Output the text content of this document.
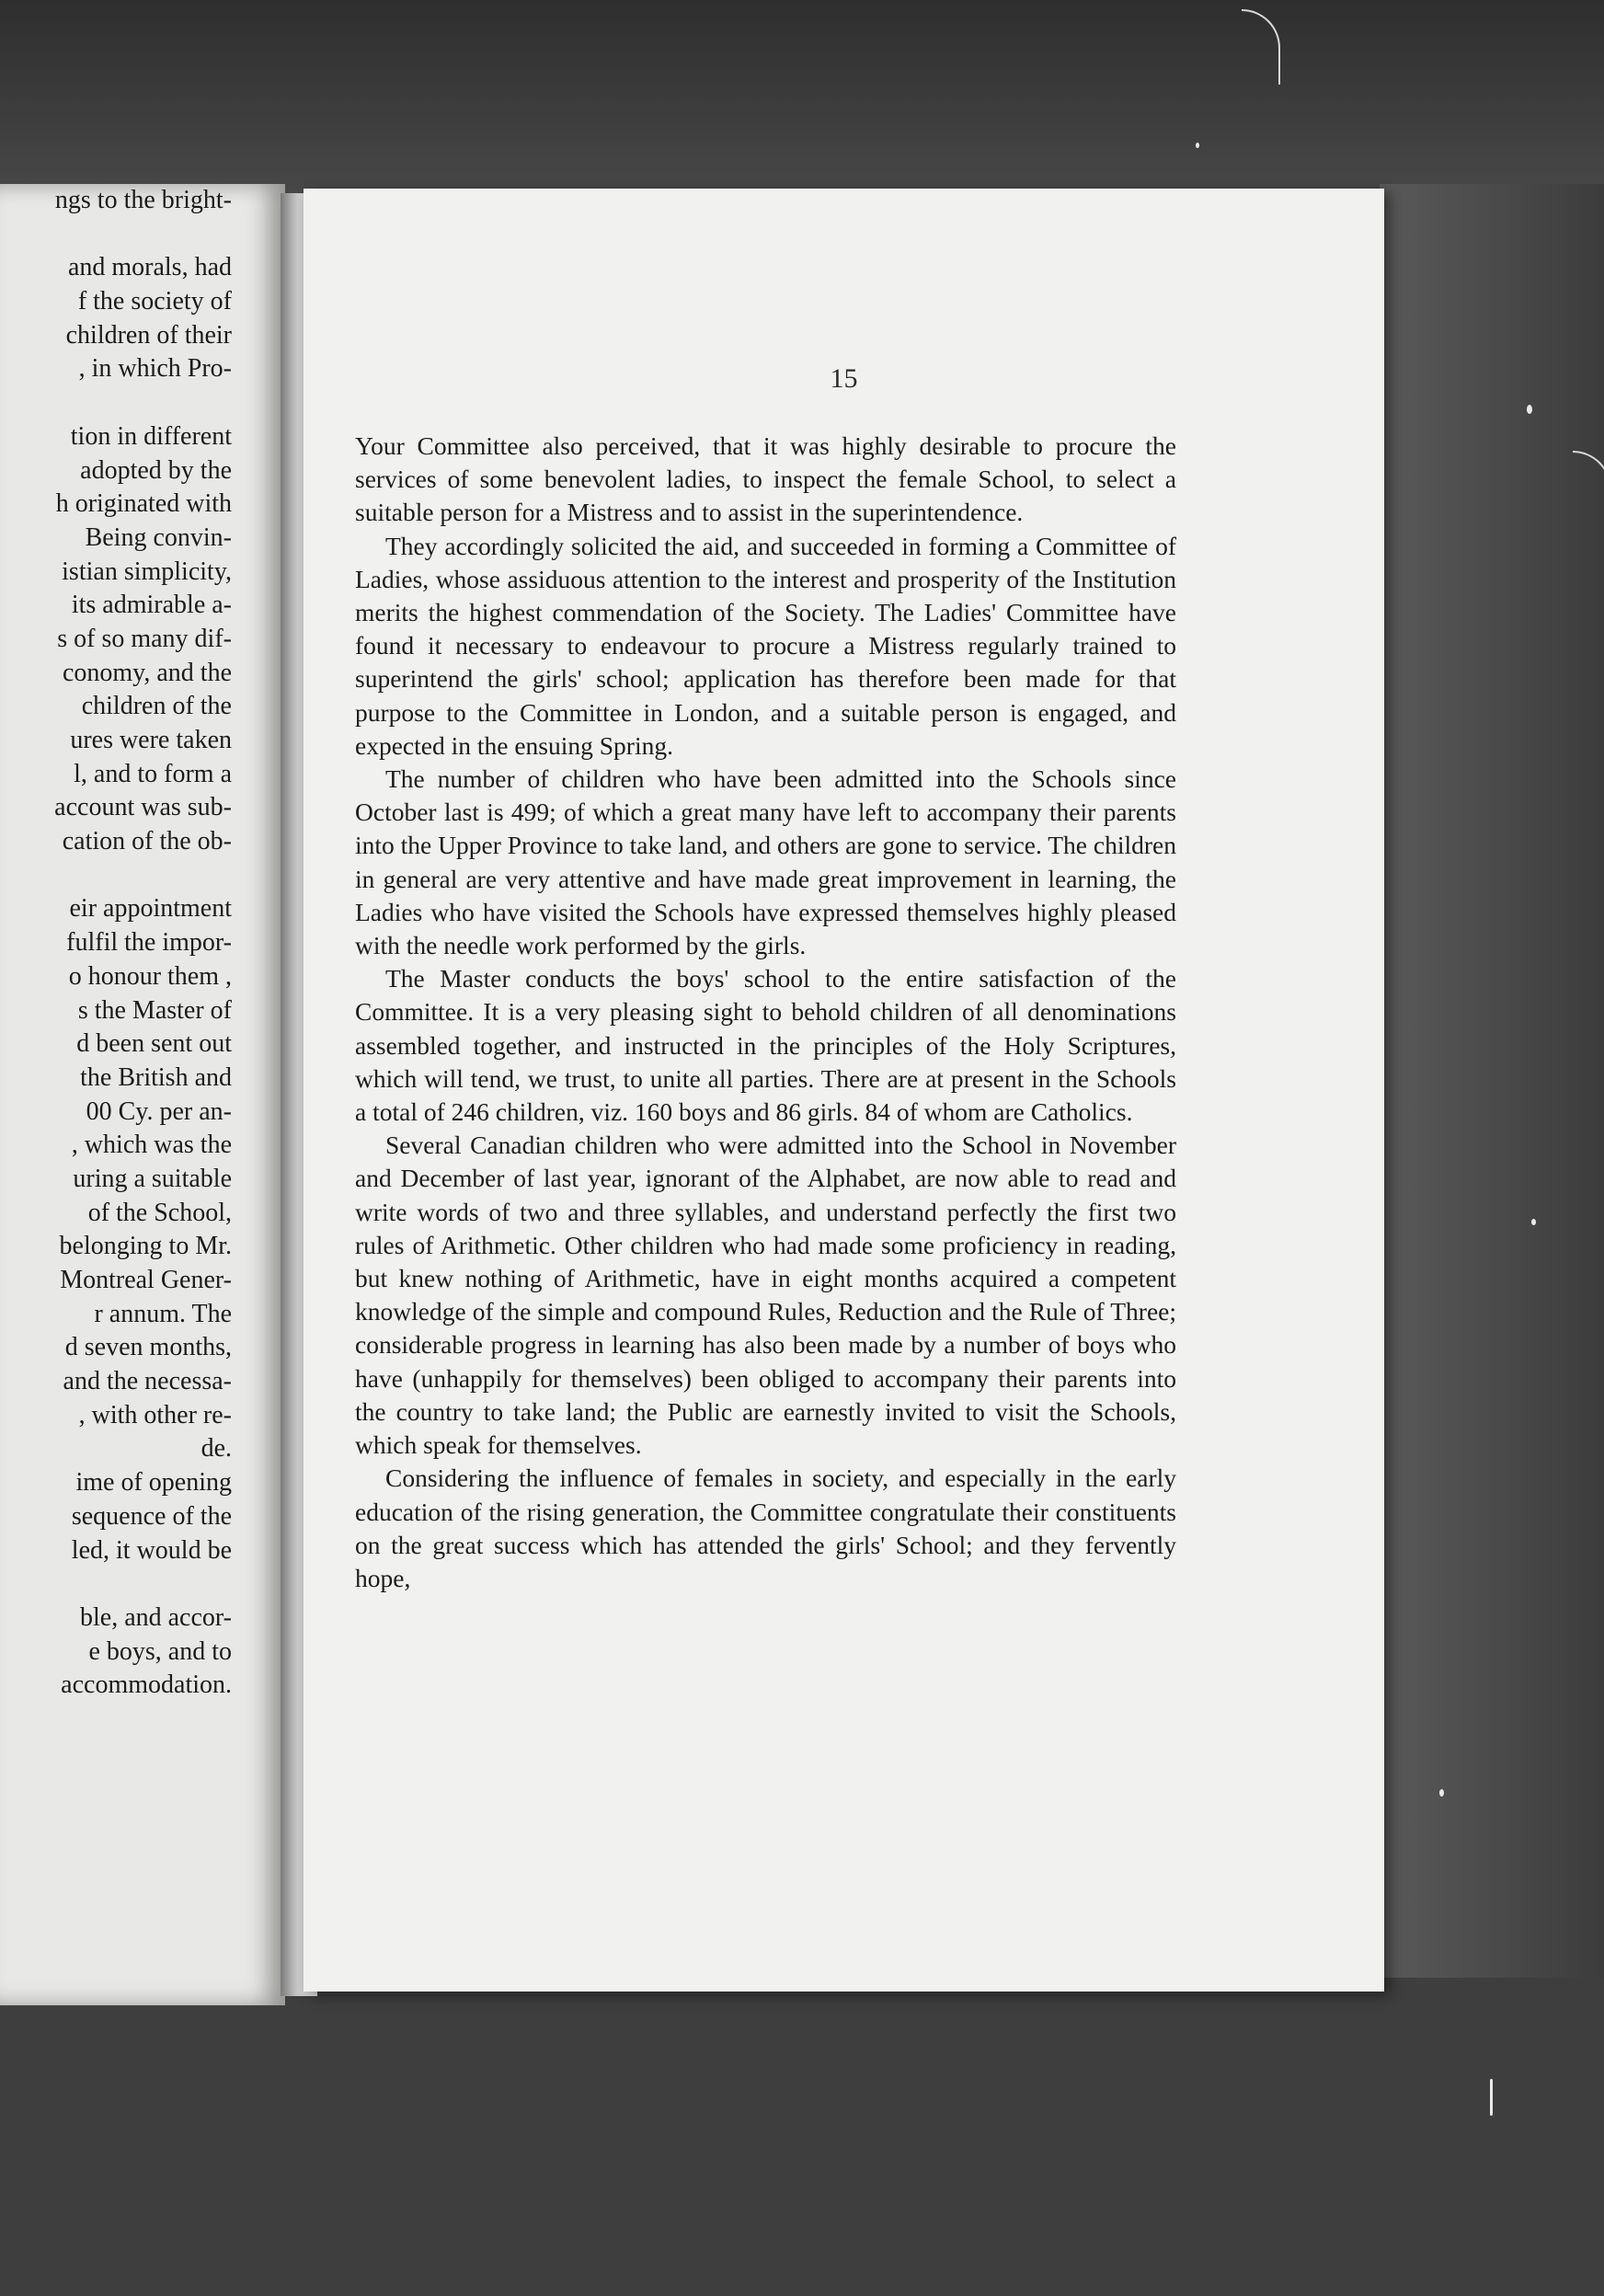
ngs to the bright-
and morals, had
f the society of
children of their
, in which Pro-
tion in different
adopted by the
h originated with
Being convin-
istian simplicity,
its admirable a-
s of so many dif-
conomy, and the
children of the
ures were taken
l, and to form a
account was sub-
cation of the ob-
eir appointment
fulfil the impor-
o honour them ,
s the Master of
d been sent out
the British and
00 Cy. per an-
, which was the
uring a suitable
of the School,
belonging to Mr.
Montreal Gener-
r annum. The
d seven months,
and the necessa-
, with other re-
de.
ime of opening
sequence of the
led, it would be
ble, and accor-
e boys, and to
accommodation.
15

Your Committee also perceived, that it was highly desirable to procure the services of some benevolent ladies, to inspect the female School, to select a suitable person for a Mistress and to assist in the superintendence.

They accordingly solicited the aid, and succeeded in forming a Committee of Ladies, whose assiduous attention to the interest and prosperity of the Institution merits the highest commendation of the Society. The Ladies' Committee have found it necessary to endeavour to procure a Mistress regularly trained to superintend the girls' school; application has therefore been made for that purpose to the Committee in London, and a suitable person is engaged, and expected in the ensuing Spring.

The number of children who have been admitted into the Schools since October last is 499; of which a great many have left to accompany their parents into the Upper Province to take land, and others are gone to service. The children in general are very attentive and have made great improvement in learning, the Ladies who have visited the Schools have expressed themselves highly pleased with the needle work performed by the girls.

The Master conducts the boys' school to the entire satisfaction of the Committee. It is a very pleasing sight to behold children of all denominations assembled together, and instructed in the principles of the Holy Scriptures, which will tend, we trust, to unite all parties. There are at present in the Schools a total of 246 children, viz. 160 boys and 86 girls. 84 of whom are Catholics.

Several Canadian children who were admitted into the School in November and December of last year, ignorant of the Alphabet, are now able to read and write words of two and three syllables, and understand perfectly the first two rules of Arithmetic. Other children who had made some proficiency in reading, but knew nothing of Arithmetic, have in eight months acquired a competent knowledge of the simple and compound Rules, Reduction and the Rule of Three; considerable progress in learning has also been made by a number of boys who have (unhappily for themselves) been obliged to accompany their parents into the country to take land; the Public are earnestly invited to visit the Schools, which speak for themselves.

Considering the influence of females in society, and especially in the early education of the rising generation, the Committee congratulate their constituents on the great success which has attended the girls' School; and they fervently hope,
